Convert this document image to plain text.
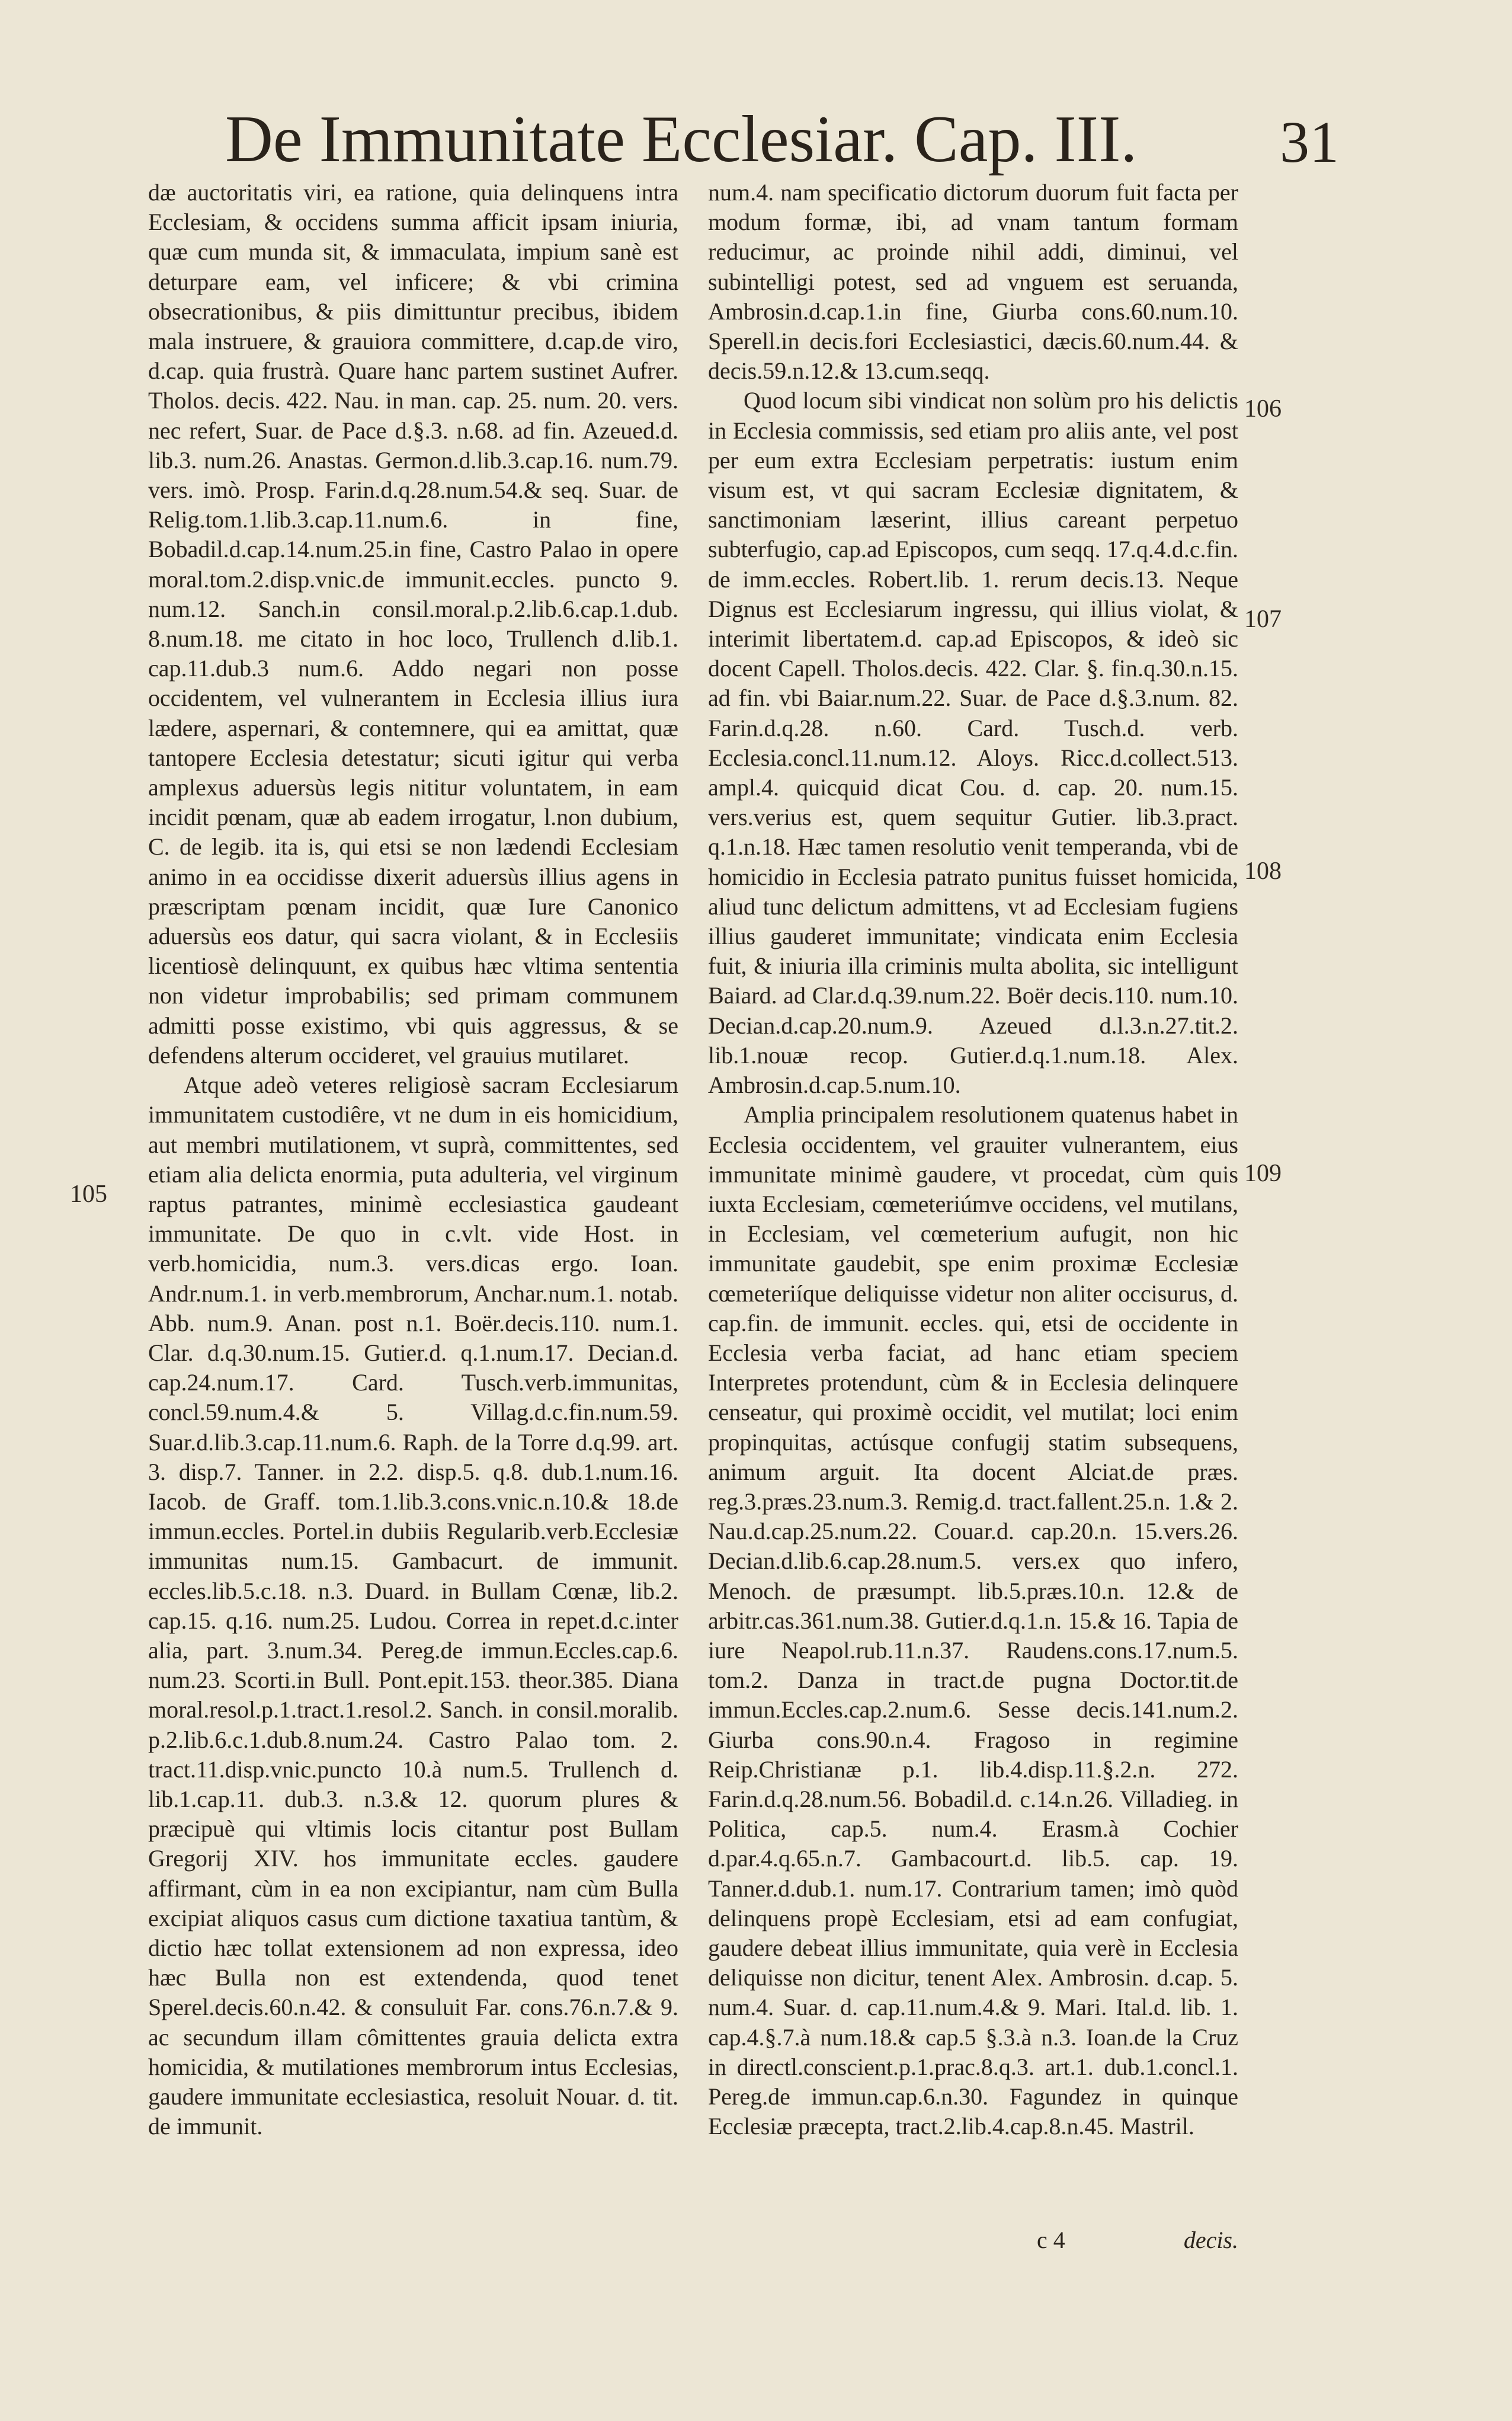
De Immunitate Ecclesiar. Cap. III. 31

dæ auctoritatis viri, ea ratione, quia delinquens intra Ecclesiam, & occidens summa afficit ipsam iniuria, quæ cum munda sit, & immaculata, impium sanè est deturpare eam, vel inficere; & vbi crimina obsecrationibus, & piis dimittuntur precibus, ibidem mala instruere, & grauiora committere, d.cap.de viro, d.cap. quia frustrà. Quare hanc partem sustinet Aufrer. Tholos. decis. 422. Nau. in man. cap. 25. num. 20. vers. nec refert, Suar. de Pace d.§.3. n.68. ad fin. Azeued.d. lib.3. num.26. Anastas. Germon.d.lib.3.cap.16. num.79. vers. imò. Prosp. Farin.d.q.28.num.54.& seq. Suar. de Relig.tom.1.lib.3.cap.11.num.6. in fine, Bobadil.d.cap.14.num.25.in fine, Castro Palao in opere moral.tom.2.disp.vnic.de immunit.eccles. puncto 9. num.12. Sanch.in consil.moral.p.2.lib.6.cap.1.dub. 8.num.18. me citato in hoc loco, Trullench d.lib.1. cap.11.dub.3 num.6. Addo negari non posse occidentem, vel vulnerantem in Ecclesia illius iura lædere, aspernari, & contemnere, qui ea amittat, quæ tantopere Ecclesia detestatur; sicuti igitur qui verba amplexus aduersùs legis nititur voluntatem, in eam incidit pœnam, quæ ab eadem irrogatur, l.non dubium, C. de legib. ita is, qui etsi se non lædendi Ecclesiam animo in ea occidisse dixerit aduersùs illius agens in præscriptam pœnam incidit, quæ Iure Canonico aduersùs eos datur, qui sacra violant, & in Ecclesiis licentiosè delinquunt, ex quibus hæc vltima sententia non videtur improbabilis; sed primam communem admitti posse existimo, vbi quis aggressus, & se defendens alterum occideret, vel grauius mutilaret.

Atque adeò veteres religiosè sacram Ecclesiarum immunitatem custodiêre, vt ne dum in eis homicidium, aut membri mutilationem, vt suprà, committentes, sed etiam alia delicta enormia, puta adulteria, vel virginum raptus patrantes, minimè ecclesiastica gaudeant immunitate. De quo in c.vlt. vide Host. in verb.homicidia, num.3. vers.dicas ergo. Ioan. Andr.num.1. in verb.membrorum, Anchar.num.1. notab. Abb. num.9. Anan. post n.1. Boër.decis.110. num.1. Clar. d.q.30.num.15. Gutier.d. q.1.num.17. Decian.d. cap.24.num.17. Card. Tusch.verb.immunitas, concl.59.num.4.& 5. Villag.d.c.fin.num.59. Suar.d.lib.3.cap.11.num.6. Raph. de la Torre d.q.99. art. 3. disp.7. Tanner. in 2.2. disp.5. q.8. dub.1.num.16. Iacob. de Graff. tom.1.lib.3.cons.vnic.n.10.& 18.de immun.eccles. Portel.in dubiis Regularib.verb.Ecclesiæ immunitas num.15. Gambacurt. de immunit. eccles.lib.5.c.18. n.3. Duard. in Bullam Cœnæ, lib.2. cap.15. q.16. num.25. Ludou. Correa in repet.d.c.inter alia, part. 3.num.34. Pereg.de immun.Eccles.cap.6. num.23. Scorti.in Bull. Pont.epit.153. theor.385. Diana moral.resol.p.1.tract.1.resol.2. Sanch. in consil.moralib. p.2.lib.6.c.1.dub.8.num.24. Castro Palao tom. 2. tract.11.disp.vnic.puncto 10.à num.5. Trullench d. lib.1.cap.11. dub.3. n.3.& 12. quorum plures & præcipuè qui vltimis locis citantur post Bullam Gregorij XIV. hos immunitate eccles. gaudere affirmant, cùm in ea non excipiantur, nam cùm Bulla excipiat aliquos casus cum dictione taxatiua tantùm, & dictio hæc tollat extensionem ad non expressa, ideo hæc Bulla non est extendenda, quod tenet Sperel.decis.60.n.42. & consuluit Far. cons.76.n.7.& 9. ac secundum illam cômittentes grauia delicta extra homicidia, & mutilationes membrorum intus Ecclesias, gaudere immunitate ecclesiastica, resoluit Nouar. d. tit. de immunit.

num.4. nam specificatio dictorum duorum fuit facta per modum formæ, ibi, ad vnam tantum formam reducimur, ac proinde nihil addi, diminui, vel subintelligi potest, sed ad vnguem est seruanda, Ambrosin.d.cap.1.in fine, Giurba cons.60.num.10. Sperell.in decis.fori Ecclesiastici, dæcis.60.num.44. & decis.59.n.12.& 13.cum.seqq.

Quod locum sibi vindicat non solùm pro his delictis in Ecclesia commissis, sed etiam pro aliis ante, vel post per eum extra Ecclesiam perpetratis: iustum enim visum est, vt qui sacram Ecclesiæ dignitatem, & sanctimoniam læserint, illius careant perpetuo subterfugio, cap.ad Episcopos, cum seqq. 17.q.4.d.c.fin. de imm.eccles. Robert.lib. 1. rerum decis.13. Neque Dignus est Ecclesiarum ingressu, qui illius violat, & interimit libertatem.d. cap.ad Episcopos, & ideò sic docent Capell. Tholos.decis. 422. Clar. §. fin.q.30.n.15. ad fin. vbi Baiar.num.22. Suar. de Pace d.§.3.num. 82. Farin.d.q.28. n.60. Card. Tusch.d. verb. Ecclesia.concl.11.num.12. Aloys. Ricc.d.collect.513. ampl.4. quicquid dicat Cou. d. cap. 20. num.15. vers.verius est, quem sequitur Gutier. lib.3.pract. q.1.n.18. Hæc tamen resolutio venit temperanda, vbi de homicidio in Ecclesia patrato punitus fuisset homicida, aliud tunc delictum admittens, vt ad Ecclesiam fugiens illius gauderet immunitate; vindicata enim Ecclesia fuit, & iniuria illa criminis multa abolita, sic intelligunt Baiard. ad Clar.d.q.39.num.22. Boër decis.110. num.10. Decian.d.cap.20.num.9. Azeued d.l.3.n.27.tit.2. lib.1.nouæ recop. Gutier.d.q.1.num.18. Alex. Ambrosin.d.cap.5.num.10.

Amplia principalem resolutionem quatenus habet in Ecclesia occidentem, vel grauiter vulnerantem, eius immunitate minimè gaudere, vt procedat, cùm quis iuxta Ecclesiam, cœmeteriúmve occidens, vel mutilans, in Ecclesiam, vel cœmeterium aufugit, non hic immunitate gaudebit, spe enim proximæ Ecclesiæ cœmeteriíque deliquisse videtur non aliter occisurus, d. cap.fin. de immunit. eccles. qui, etsi de occidente in Ecclesia verba faciat, ad hanc etiam speciem Interpretes protendunt, cùm & in Ecclesia delinquere censeatur, qui proximè occidit, vel mutilat; loci enim propinquitas, actúsque confugij statim subsequens, animum arguit. Ita docent Alciat.de præs. reg.3.præs.23.num.3. Remig.d. tract.fallent.25.n. 1.& 2. Nau.d.cap.25.num.22. Couar.d. cap.20.n. 15.vers.26. Decian.d.lib.6.cap.28.num.5. vers.ex quo infero, Menoch. de præsumpt. lib.5.præs.10.n. 12.& de arbitr.cas.361.num.38. Gutier.d.q.1.n. 15.& 16. Tapia de iure Neapol.rub.11.n.37. Raudens.cons.17.num.5. tom.2. Danza in tract.de pugna Doctor.tit.de immun.Eccles.cap.2.num.6. Sesse decis.141.num.2. Giurba cons.90.n.4. Fragoso in regimine Reip.Christianæ p.1. lib.4.disp.11.§.2.n. 272. Farin.d.q.28.num.56. Bobadil.d. c.14.n.26. Villadieg. in Politica, cap.5. num.4. Erasm.à Cochier d.par.4.q.65.n.7. Gambacourt.d. lib.5. cap. 19. Tanner.d.dub.1. num.17. Contrarium tamen; imò quòd delinquens propè Ecclesiam, etsi ad eam confugiat, gaudere debeat illius immunitate, quia verè in Ecclesia deliquisse non dicitur, tenent Alex. Ambrosin. d.cap. 5. num.4. Suar. d. cap.11.num.4.& 9. Mari. Ital.d. lib. 1. cap.4.§.7.à num.18.& cap.5 §.3.à n.3. Ioan.de la Cruz in directl.conscient.p.1.prac.8.q.3. art.1. dub.1.concl.1. Pereg.de immun.cap.6.n.30. Fagundez in quinque Ecclesiæ præcepta, tract.2.lib.4.cap.8.n.45. Mastril.

105
106
107
108
109
c 4	decis.
